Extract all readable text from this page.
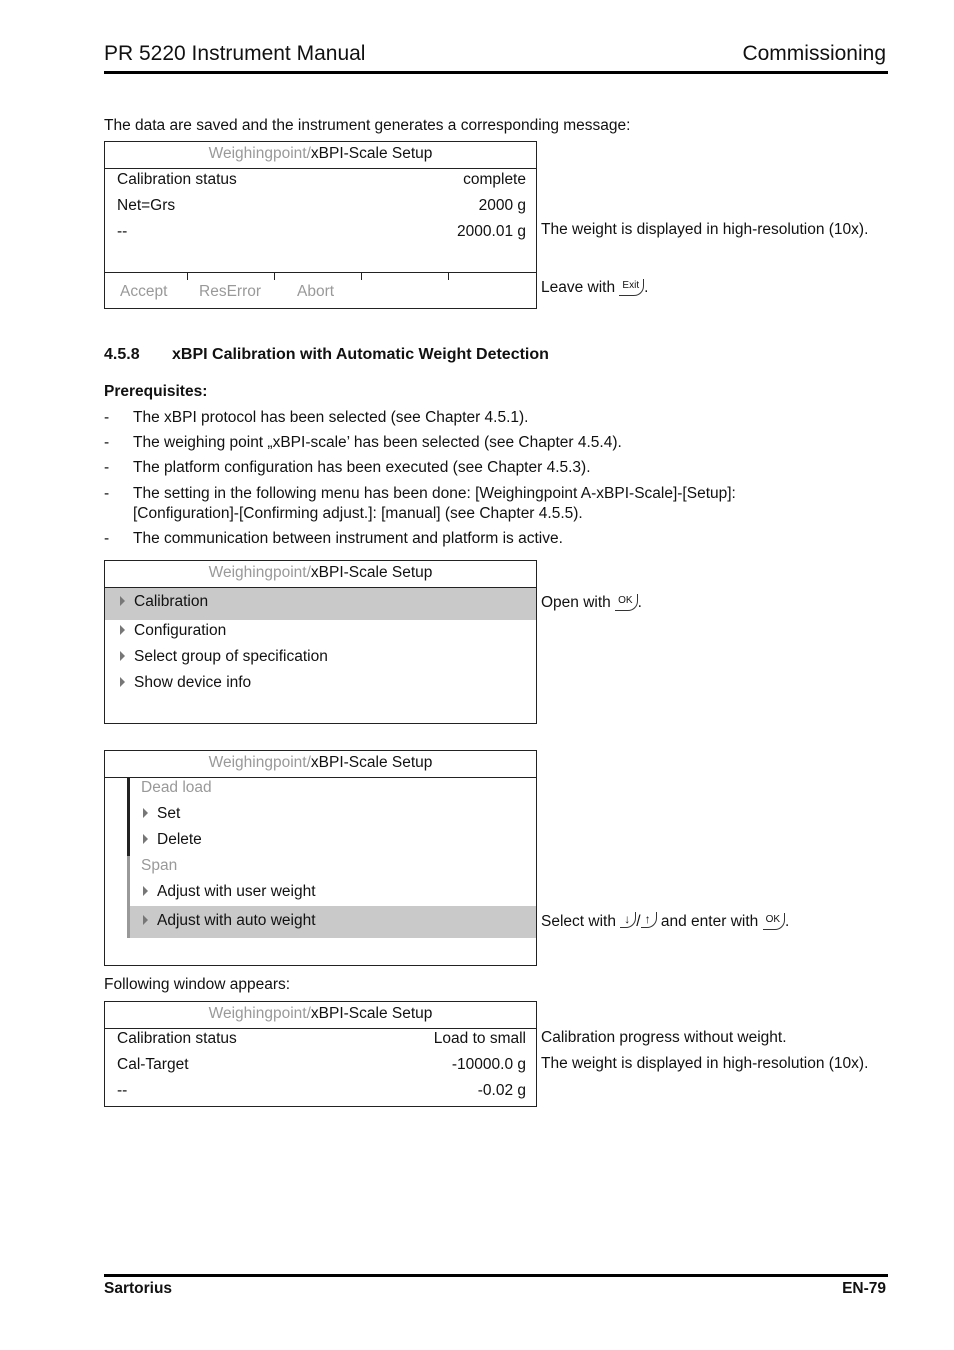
PR 5220 Instrument Manual	Commissioning
The data are saved and the instrument generates a corresponding message:
Weighingpoint/xBPI-Scale Setup
Calibration status	complete
Net=Grs	2000 g
--	2000.01 g
Accept ResError Abort
The weight is displayed in high-resolution (10x).
Leave with Exit .
4.5.8 xBPI Calibration with Automatic Weight Detection
Prerequisites:
- The xBPI protocol has been selected (see Chapter 4.5.1).
- The weighing point „xBPI-scale’ has been selected (see Chapter 4.5.4).
- The platform configuration has been executed (see Chapter 4.5.3).
- The setting in the following menu has been done: [Weighingpoint A-xBPI-Scale]-[Setup]:
[Configuration]-[Confirming adjust.]: [manual] (see Chapter 4.5.5).
- The communication between instrument and platform is active.
Weighingpoint/xBPI-Scale Setup
Calibration
Configuration
Select group of specification
Show device info
Open with OK .
Weighingpoint/xBPI-Scale Setup
Dead load
Set
Delete
Span
Adjust with user weight
Adjust with auto weight	Select with ↓ / ↑ and enter with OK .
Following window appears:
Weighingpoint/xBPI-Scale Setup
Calibration status	Load to small
Cal-Target	-10000.0 g
--	-0.02 g
Calibration progress without weight.
The weight is displayed in high-resolution (10x).
Sartorius	EN-79
